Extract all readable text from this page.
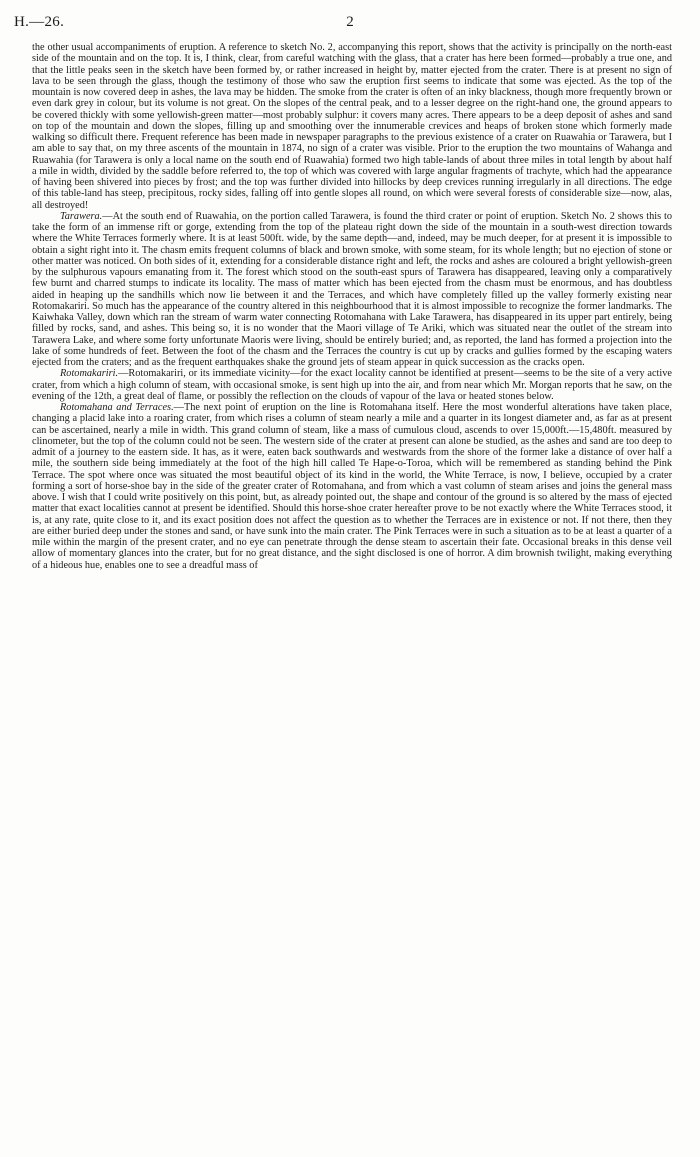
H.—26.	2

the other usual accompaniments of eruption. A reference to sketch No. 2, accompanying this report, shows that the activity is principally on the north-east side of the mountain and on the top. It is, I think, clear, from careful watching with the glass, that a crater has here been formed—probably a true one, and that the little peaks seen in the sketch have been formed by, or rather increased in height by, matter ejected from the crater. There is at present no sign of lava to be seen through the glass, though the testimony of those who saw the eruption first seems to indicate that some was ejected. As the top of the mountain is now covered deep in ashes, the lava may be hidden. The smoke from the crater is often of an inky blackness, though more frequently brown or even dark grey in colour, but its volume is not great. On the slopes of the central peak, and to a lesser degree on the right-hand one, the ground appears to be covered thickly with some yellowish-green matter—most probably sulphur: it covers many acres. There appears to be a deep deposit of ashes and sand on top of the mountain and down the slopes, filling up and smoothing over the innumerable crevices and heaps of broken stone which formerly made walking so difficult there. Frequent reference has been made in newspaper paragraphs to the previous existence of a crater on Ruawahia or Tarawera, but I am able to say that, on my three ascents of the mountain in 1874, no sign of a crater was visible. Prior to the eruption the two mountains of Wahanga and Ruawahia (for Tarawera is only a local name on the south end of Ruawahia) formed two high table-lands of about three miles in total length by about half a mile in width, divided by the saddle before referred to, the top of which was covered with large angular fragments of trachyte, which had the appearance of having been shivered into pieces by frost; and the top was further divided into hillocks by deep crevices running irregularly in all directions. The edge of this table-land has steep, precipitous, rocky sides, falling off into gentle slopes all round, on which were several forests of considerable size—now, alas, all destroyed!

Tarawera.—At the south end of Ruawahia, on the portion called Tarawera, is found the third crater or point of eruption. Sketch No. 2 shows this to take the form of an immense rift or gorge, extending from the top of the plateau right down the side of the mountain in a south-west direction towards where the White Terraces formerly where. It is at least 500ft. wide, by the same depth—and, indeed, may be much deeper, for at present it is impossible to obtain a sight right into it. The chasm emits frequent columns of black and brown smoke, with some steam, for its whole length; but no ejection of stone or other matter was noticed. On both sides of it, extending for a considerable distance right and left, the rocks and ashes are coloured a bright yellowish-green by the sulphurous vapours emanating from it. The forest which stood on the south-east spurs of Tarawera has disappeared, leaving only a comparatively few burnt and charred stumps to indicate its locality. The mass of matter which has been ejected from the chasm must be enormous, and has doubtless aided in heaping up the sandhills which now lie between it and the Terraces, and which have completely filled up the valley formerly existing near Rotomakariri. So much has the appearance of the country altered in this neighbourhood that it is almost impossible to recognize the former landmarks. The Kaiwhaka Valley, down which ran the stream of warm water connecting Rotomahana with Lake Tarawera, has disappeared in its upper part entirely, being filled by rocks, sand, and ashes. This being so, it is no wonder that the Maori village of Te Ariki, which was situated near the outlet of the stream into Tarawera Lake, and where some forty unfortunate Maoris were living, should be entirely buried; and, as reported, the land has formed a projection into the lake of some hundreds of feet. Between the foot of the chasm and the Terraces the country is cut up by cracks and gullies formed by the escaping waters ejected from the craters; and as the frequent earthquakes shake the ground jets of steam appear in quick succession as the cracks open.

Rotomakariri.—Rotomakariri, or its immediate vicinity—for the exact locality cannot be identified at present—seems to be the site of a very active crater, from which a high column of steam, with occasional smoke, is sent high up into the air, and from near which Mr. Morgan reports that he saw, on the evening of the 12th, a great deal of flame, or possibly the reflection on the clouds of vapour of the lava or heated stones below.

Rotomahana and Terraces.—The next point of eruption on the line is Rotomahana itself. Here the most wonderful alterations have taken place, changing a placid lake into a roaring crater, from which rises a column of steam nearly a mile and a quarter in its longest diameter and, as far as at present can be ascertained, nearly a mile in width. This grand column of steam, like a mass of cumulous cloud, ascends to over 15,000ft.—15,480ft. measured by clinometer, but the top of the column could not be seen. The western side of the crater at present can alone be studied, as the ashes and sand are too deep to admit of a journey to the eastern side. It has, as it were, eaten back southwards and westwards from the shore of the former lake a distance of over half a mile, the southern side being immediately at the foot of the high hill called Te Hape-o-Toroa, which will be remembered as standing behind the Pink Terrace. The spot where once was situated the most beautiful object of its kind in the world, the White Terrace, is now, I believe, occupied by a crater forming a sort of horse-shoe bay in the side of the greater crater of Rotomahana, and from which a vast column of steam arises and joins the general mass above. I wish that I could write positively on this point, but, as already pointed out, the shape and contour of the ground is so altered by the mass of ejected matter that exact localities cannot at present be identified. Should this horse-shoe crater hereafter prove to be not exactly where the White Terraces stood, it is, at any rate, quite close to it, and its exact position does not affect the question as to whether the Terraces are in existence or not. If not there, then they are either buried deep under the stones and sand, or have sunk into the main crater. The Pink Terraces were in such a situation as to be at least a quarter of a mile within the margin of the present crater, and no eye can penetrate through the dense steam to ascertain their fate. Occasional breaks in this dense veil allow of momentary glances into the crater, but for no great distance, and the sight disclosed is one of horror. A dim brownish twilight, making everything of a hideous hue, enables one to see a dreadful mass of
